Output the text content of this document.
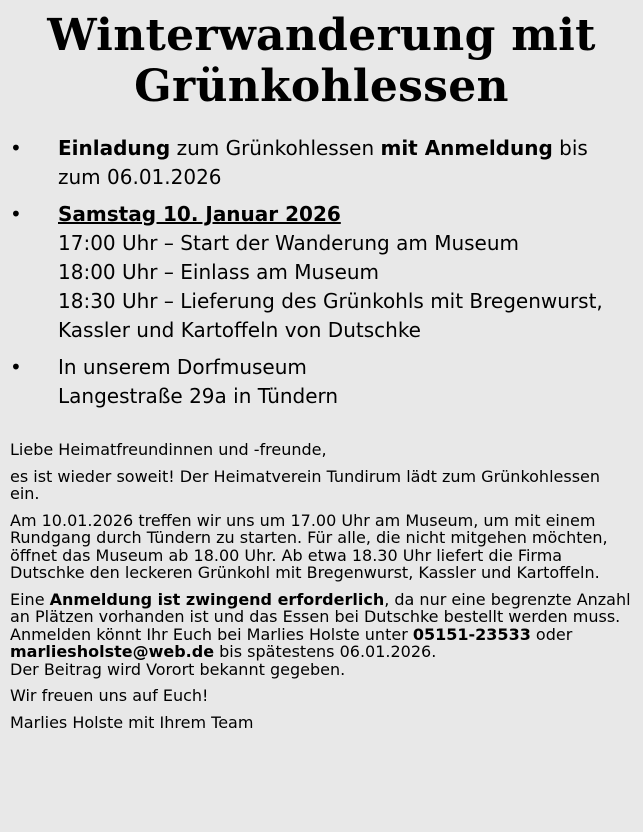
Winterwanderung mit
Grünkohlessen
• Einladung zum Grünkohlessen mit Anmeldung bis zum 06.01.2026
• Samstag 10. Januar 2026
17:00 Uhr – Start der Wanderung am Museum
18:00 Uhr – Einlass am Museum
18:30 Uhr – Lieferung des Grünkohls mit Bregenwurst, Kassler und Kartoffeln von Dutschke
• In unserem Dorfmuseum
Langestraße 29a in Tündern

Liebe Heimatfreundinnen und -freunde,

es ist wieder soweit! Der Heimatverein Tundirum lädt zum Grünkohlessen ein.

Am 10.01.2026 treffen wir uns um 17.00 Uhr am Museum, um mit einem Rundgang durch Tündern zu starten. Für alle, die nicht mitgehen möchten, öffnet das Museum ab 18.00 Uhr. Ab etwa 18.30 Uhr liefert die Firma Dutschke den leckeren Grünkohl mit Bregenwurst, Kassler und Kartoffeln.

Eine Anmeldung ist zwingend erforderlich, da nur eine begrenzte Anzahl an Plätzen vorhanden ist und das Essen bei Dutschke bestellt werden muss. Anmelden könnt Ihr Euch bei Marlies Holste unter 05151-23533 oder marliesholste@web.de bis spätestens 06.01.2026.
Der Beitrag wird Vorort bekannt gegeben.

Wir freuen uns auf Euch!

Marlies Holste mit Ihrem Team
